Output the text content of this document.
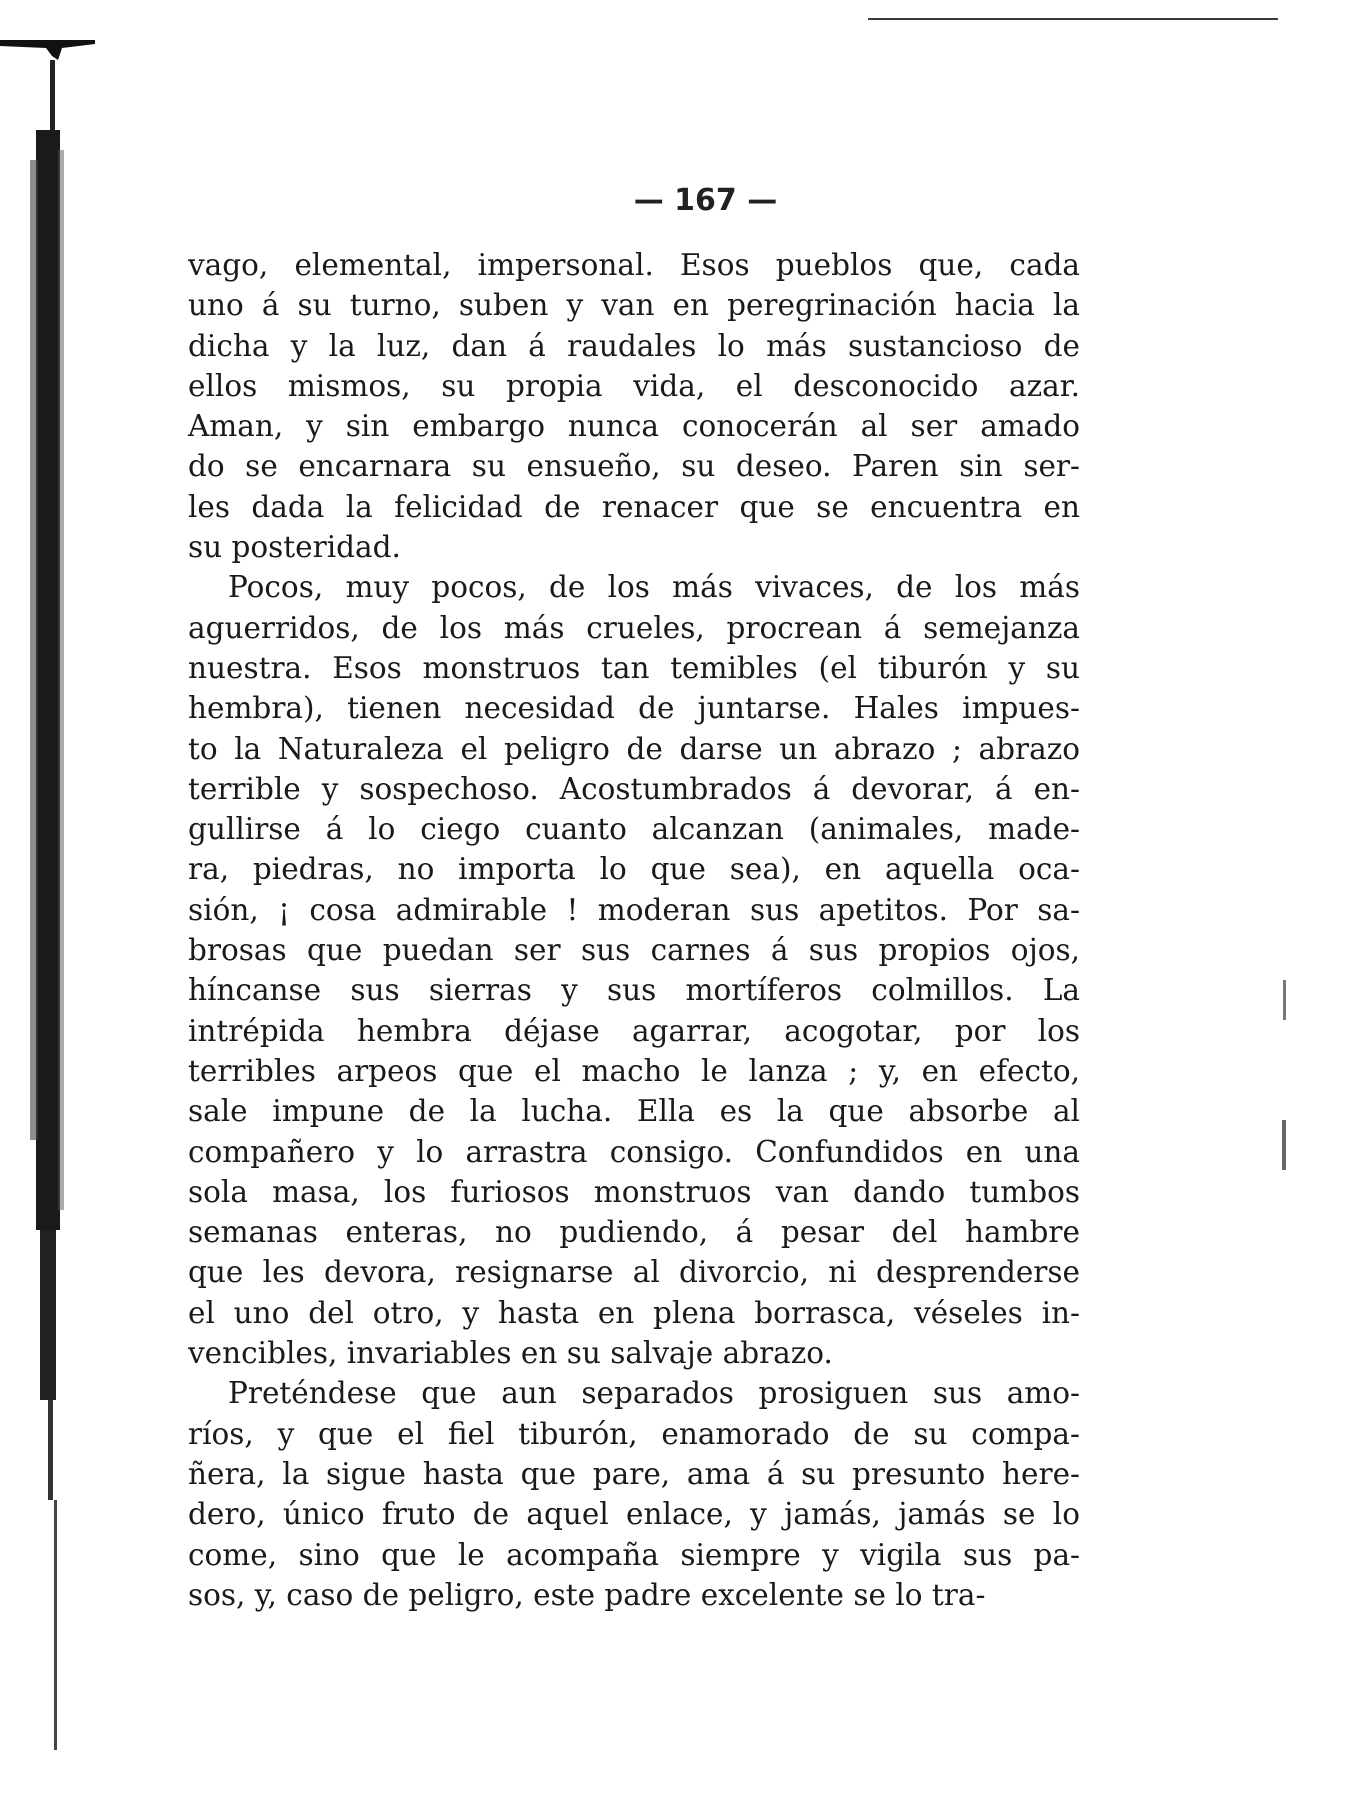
— 167 —
vago, elemental, impersonal. Esos pueblos que, cada
uno á su turno, suben y van en peregrinación hacia la
dicha y la luz, dan á raudales lo más sustancioso de
ellos mismos, su propia vida, el desconocido azar.
Aman, y sin embargo nunca conocerán al ser amado
do se encarnara su ensueño, su deseo. Paren sin ser-
les dada la felicidad de renacer que se encuentra en
su posteridad.
Pocos, muy pocos, de los más vivaces, de los más
aguerridos, de los más crueles, procrean á semejanza
nuestra. Esos monstruos tan temibles (el tiburón y su
hembra), tienen necesidad de juntarse. Hales impues-
to la Naturaleza el peligro de darse un abrazo ; abrazo
terrible y sospechoso. Acostumbrados á devorar, á en-
gullirse á lo ciego cuanto alcanzan (animales, made-
ra, piedras, no importa lo que sea), en aquella oca-
sión, ¡ cosa admirable ! moderan sus apetitos. Por sa-
brosas que puedan ser sus carnes á sus propios ojos,
híncanse sus sierras y sus mortíferos colmillos. La
intrépida hembra déjase agarrar, acogotar, por los
terribles arpeos que el macho le lanza ; y, en efecto,
sale impune de la lucha. Ella es la que absorbe al
compañero y lo arrastra consigo. Confundidos en una
sola masa, los furiosos monstruos van dando tumbos
semanas enteras, no pudiendo, á pesar del hambre
que les devora, resignarse al divorcio, ni desprenderse
el uno del otro, y hasta en plena borrasca, véseles in-
vencibles, invariables en su salvaje abrazo.
Preténdese que aun separados prosiguen sus amo-
ríos, y que el fiel tiburón, enamorado de su compa-
ñera, la sigue hasta que pare, ama á su presunto here-
dero, único fruto de aquel enlace, y jamás, jamás se lo
come, sino que le acompaña siempre y vigila sus pa-
sos, y, caso de peligro, este padre excelente se lo tra-
